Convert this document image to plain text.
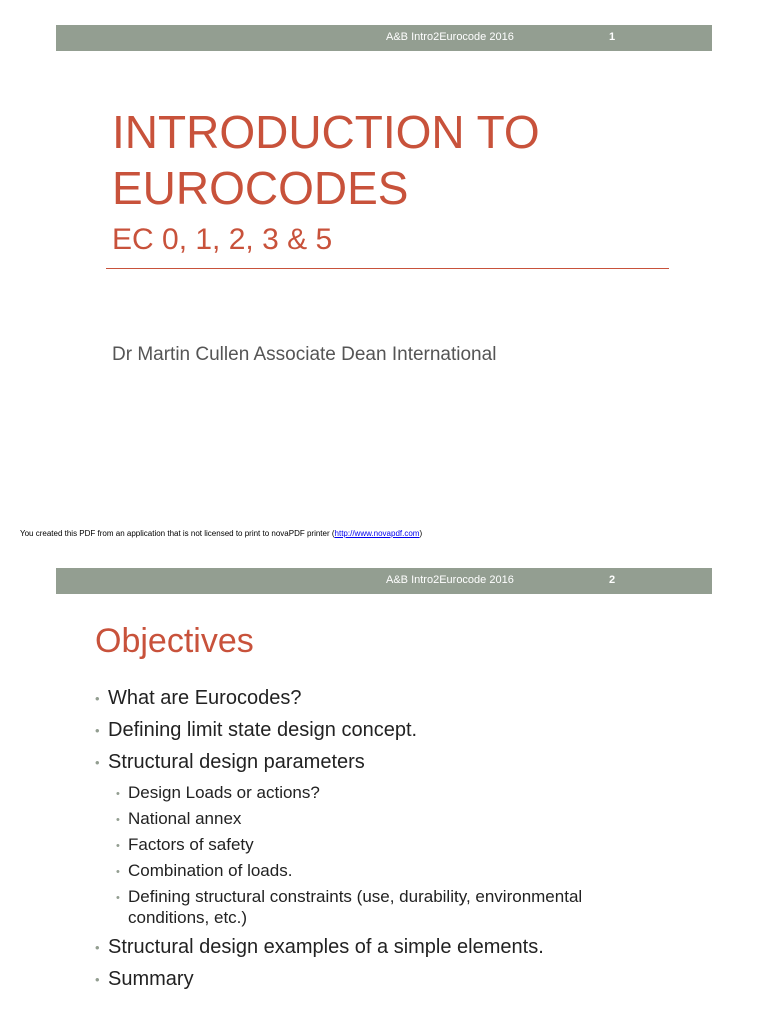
A&B Intro2Eurocode 2016	1
INTRODUCTION TO
EUROCODES
EC 0, 1, 2, 3 & 5
Dr Martin Cullen Associate Dean International
You created this PDF from an application that is not licensed to print to novaPDF printer (http://www.novapdf.com)
A&B Intro2Eurocode 2016	2
Objectives
• What are Eurocodes?
• Defining limit state design concept.
• Structural design parameters
• Design Loads or actions?
• National annex
• Factors of safety
• Combination of loads.
• Defining structural constraints (use, durability, environmental conditions, etc.)
• Structural design examples of a simple elements.
• Summary
